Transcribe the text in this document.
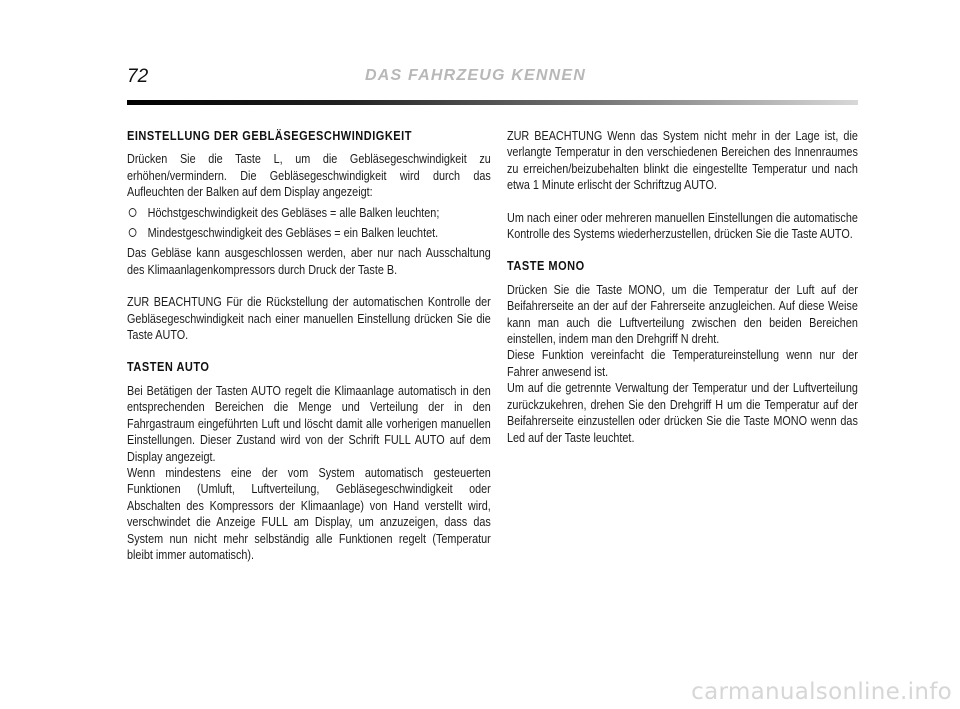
72	DAS FAHRZEUG KENNEN
EINSTELLUNG DER GEBLÄSEGESCHWINDIGKEIT

Drücken Sie die Taste L, um die Gebläsegeschwindigkeit zu erhöhen/vermindern. Die Gebläsegeschwindigkeit wird durch das Aufleuchten der Balken auf dem Display angezeigt:

Höchstgeschwindigkeit des Gebläses = alle Balken leuchten;
Mindestgeschwindigkeit des Gebläses = ein Balken leuchtet.

Das Gebläse kann ausgeschlossen werden, aber nur nach Ausschaltung des Klimaanlagenkompressors durch Druck der Taste B.

ZUR BEACHTUNG Für die Rückstellung der automatischen Kontrolle der Gebläsegeschwindigkeit nach einer manuellen Einstellung drücken Sie die Taste AUTO.

TASTEN AUTO

Bei Betätigen der Tasten AUTO regelt die Klimaanlage automatisch in den entsprechenden Bereichen die Menge und Verteilung der in den Fahrgastraum eingeführten Luft und löscht damit alle vorherigen manuellen Einstellungen. Dieser Zustand wird von der Schrift FULL AUTO auf dem Display angezeigt.

Wenn mindestens eine der vom System automatisch gesteuerten Funktionen (Umluft, Luftverteilung, Gebläsegeschwindigkeit oder Abschalten des Kompressors der Klimaanlage) von Hand verstellt wird, verschwindet die Anzeige FULL am Display, um anzuzeigen, dass das System nun nicht mehr selbständig alle Funktionen regelt (Temperatur bleibt immer automatisch).

ZUR BEACHTUNG Wenn das System nicht mehr in der Lage ist, die verlangte Temperatur in den verschiedenen Bereichen des Innenraumes zu erreichen/beizubehalten blinkt die eingestellte Temperatur und nach etwa 1 Minute erlischt der Schriftzug AUTO.

Um nach einer oder mehreren manuellen Einstellungen die automatische Kontrolle des Systems wiederherzustellen, drücken Sie die Taste AUTO.

TASTE MONO

Drücken Sie die Taste MONO, um die Temperatur der Luft auf der Beifahrerseite an der auf der Fahrerseite anzugleichen. Auf diese Weise kann man auch die Luftverteilung zwischen den beiden Bereichen einstellen, indem man den Drehgriff N dreht.

Diese Funktion vereinfacht die Temperatureinstellung wenn nur der Fahrer anwesend ist.

Um auf die getrennte Verwaltung der Temperatur und der Luftverteilung zurückzukehren, drehen Sie den Drehgriff H um die Temperatur auf der Beifahrerseite einzustellen oder drücken Sie die Taste MONO wenn das Led auf der Taste leuchtet.

carmanualsonline.info
